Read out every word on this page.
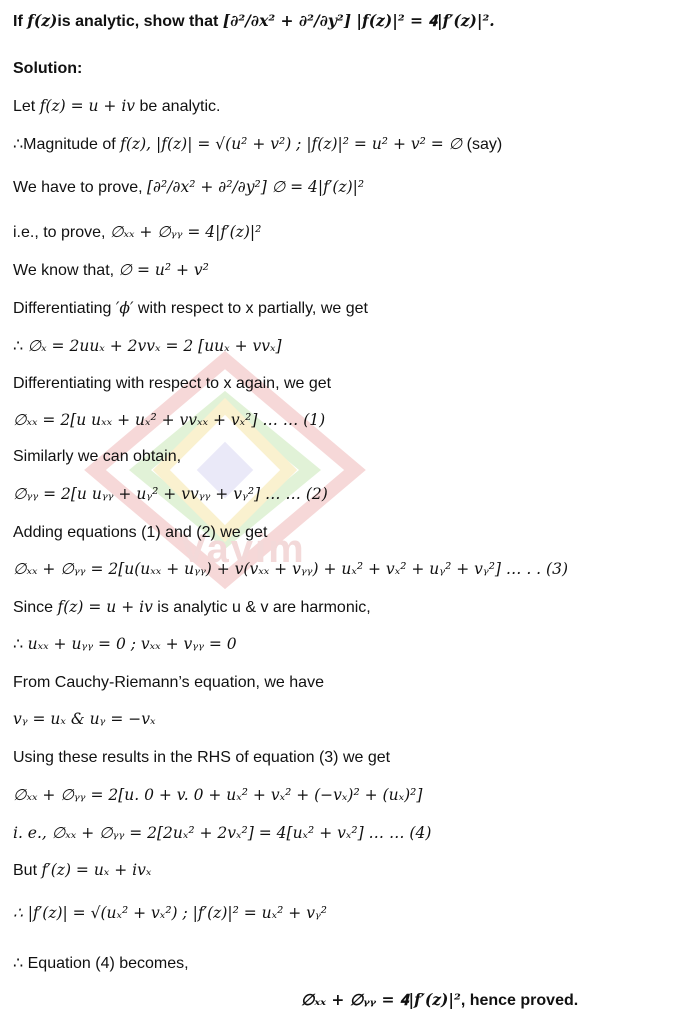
Vavim
If 𝒇(𝒛)is analytic, show that [∂²/∂x² + ∂²/∂y²] |𝒇(𝒛)|² = 𝟒|𝒇′(𝒛)|².
Solution:
Let f(z) = u + iv be analytic.
∴Magnitude of f(z), |f(z)| = √(u² + v²) ; |f(z)|² = u² + v² = ∅ (say)
We have to prove, [∂²/∂x² + ∂²/∂y²] ∅ = 4|f′(z)|²
i.e., to prove, ∅ₓₓ + ∅ᵧᵧ = 4|f′(z)|²
We know that, ∅ = u² + v²
Differentiating ′ϕ′ with respect to x partially, we get
∴ ∅ₓ = 2uuₓ + 2vvₓ = 2 [uuₓ + vvₓ]
Differentiating with respect to x again, we get
∅ₓₓ = 2[u uₓₓ + uₓ² + vvₓₓ + vₓ²] … … (1)
Similarly we can obtain,
∅ᵧᵧ = 2[u uᵧᵧ + uᵧ² + vvᵧᵧ + vᵧ²] … … (2)
Adding equations (1) and (2) we get
∅ₓₓ + ∅ᵧᵧ = 2[u(uₓₓ + uᵧᵧ) + v(vₓₓ + vᵧᵧ) + uₓ² + vₓ² + uᵧ² + vᵧ²] … . . (3)
Since f(z) = u + iv is analytic u & v are harmonic,
∴ uₓₓ + uᵧᵧ = 0 ; vₓₓ + vᵧᵧ = 0
From Cauchy-Riemann’s equation, we have
vᵧ = uₓ & uᵧ = −vₓ
Using these results in the RHS of equation (3) we get
∅ₓₓ + ∅ᵧᵧ = 2[u. 0 + v. 0 + uₓ² + vₓ² + (−vₓ)² + (uₓ)²]
i. e., ∅ₓₓ + ∅ᵧᵧ = 2[2uₓ² + 2vₓ²] = 4[uₓ² + vₓ²] … … (4)
But f′(z) = uₓ + ivₓ
∴ |f′(z)| = √(uₓ² + vₓ²) ; |f′(z)|² = uₓ² + vᵧ²
∴ Equation (4) becomes,
∅ₓₓ + ∅ᵧᵧ = 𝟒|𝒇′(𝒛)|², hence proved.
